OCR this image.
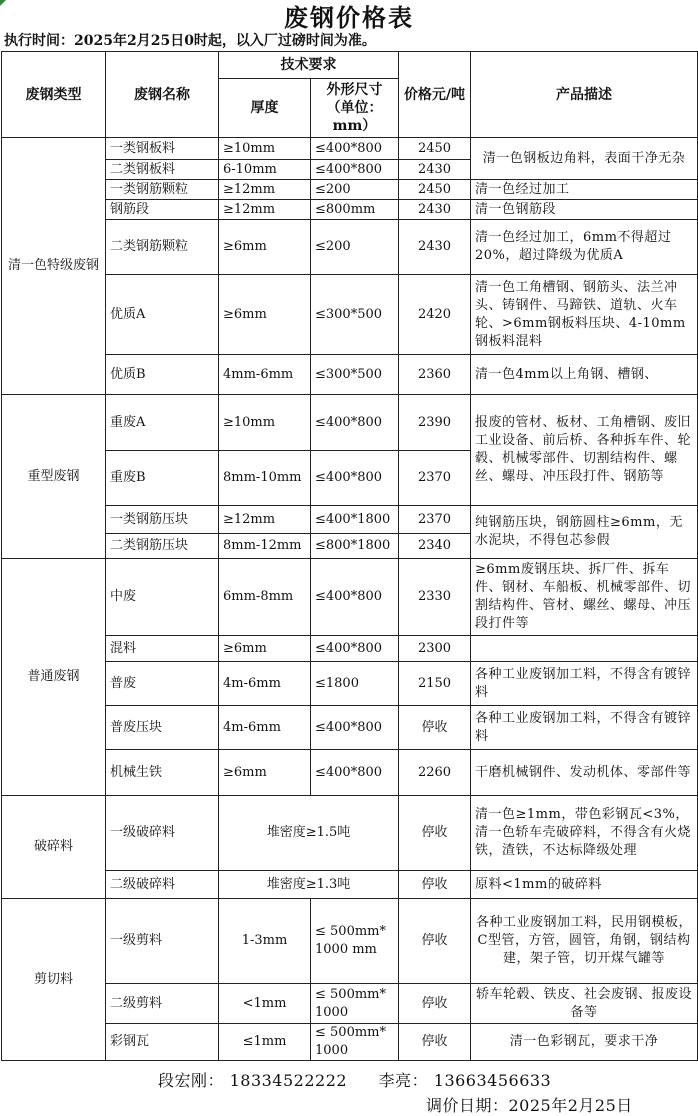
废钢价格表
执行时间：2025年2月25日0时起，以入厂过磅时间为准。
废钢类型	废钢名称	技术要求		价格元/吨	产品描述
		厚度	外形尺寸（单位：mm）		
清一色特级废钢	一类钢板料	≥10mm	≤400*800	2450	清一色钢板边角料，表面干净无杂
	二类钢板料	6-10mm	≤400*800	2430	
	一类钢筋颗粒	≥12mm	≤200	2450	清一色经过加工
	钢筋段	≥12mm	≤800mm	2430	清一色钢筋段
	二类钢筋颗粒	≥6mm	≤200	2430	清一色经过加工，6mm不得超过20%，超过降级为优质A
	优质A	≥6mm	≤300*500	2420	清一色工角槽钢、钢筋头、法兰冲头、铸钢件、马蹄铁、道轨、火车轮、>6mm钢板料压块、4-10mm钢板料混料
	优质B	4mm-6mm	≤300*500	2360	清一色4mm以上角钢、槽钢、
重型废钢	重废A	≥10mm	≤400*800	2390	报废的管材、板材、工角槽钢、废旧工业设备、前后桥、各种拆车件、轮毂、机械零部件、切割结构件、螺丝、螺母、冲压段打件、钢筋等
	重废B	8mm-10mm	≤400*800	2370	
	一类钢筋压块	≥12mm	≤400*1800	2370	纯钢筋压块，钢筋圆柱≥6mm，无水泥块，不得包芯参假
	二类钢筋压块	8mm-12mm	≤800*1800	2340	
普通废钢	中废	6mm-8mm	≤400*800	2330	≥6mm废钢压块、拆厂件、拆车件、钢材、车船板、机械零部件、切割结构件、管材、螺丝、螺母、冲压段打件等
	混料	≥6mm	≤400*800	2300	
	普废	4m-6mm	≤1800	2150	各种工业废钢加工料，不得含有镀锌料
	普废压块	4m-6mm	≤400*800	停收	各种工业废钢加工料，不得含有镀锌料
	机械生铁	≥6mm	≤400*800	2260	干磨机械钢件、发动机体、零部件等
破碎料	一级破碎料	堆密度≥1.5吨		停收	清一色≥1mm，带色彩钢瓦<3%，清一色轿车壳破碎料，不得含有火烧铁，渣铁，不达标降级处理
	二级破碎料	堆密度≥1.3吨		停收	原料<1mm的破碎料
剪切料	一级剪料	1-3mm	≤ 500mm*1000 mm	停收	各种工业废钢加工料，民用钢模板，C型管，方管，圆管，角钢，钢结构建，架子管，切开煤气罐等
	二级剪料	<1mm	≤ 500mm*1000	停收	轿车轮毂、铁皮、社会废钢、报废设备等
	彩钢瓦	≤1mm	≤ 500mm*1000	停收	清一色彩钢瓦，要求干净
段宏刚： 18334522222 李亮： 13663456633
调价日期：2025年2月25日
